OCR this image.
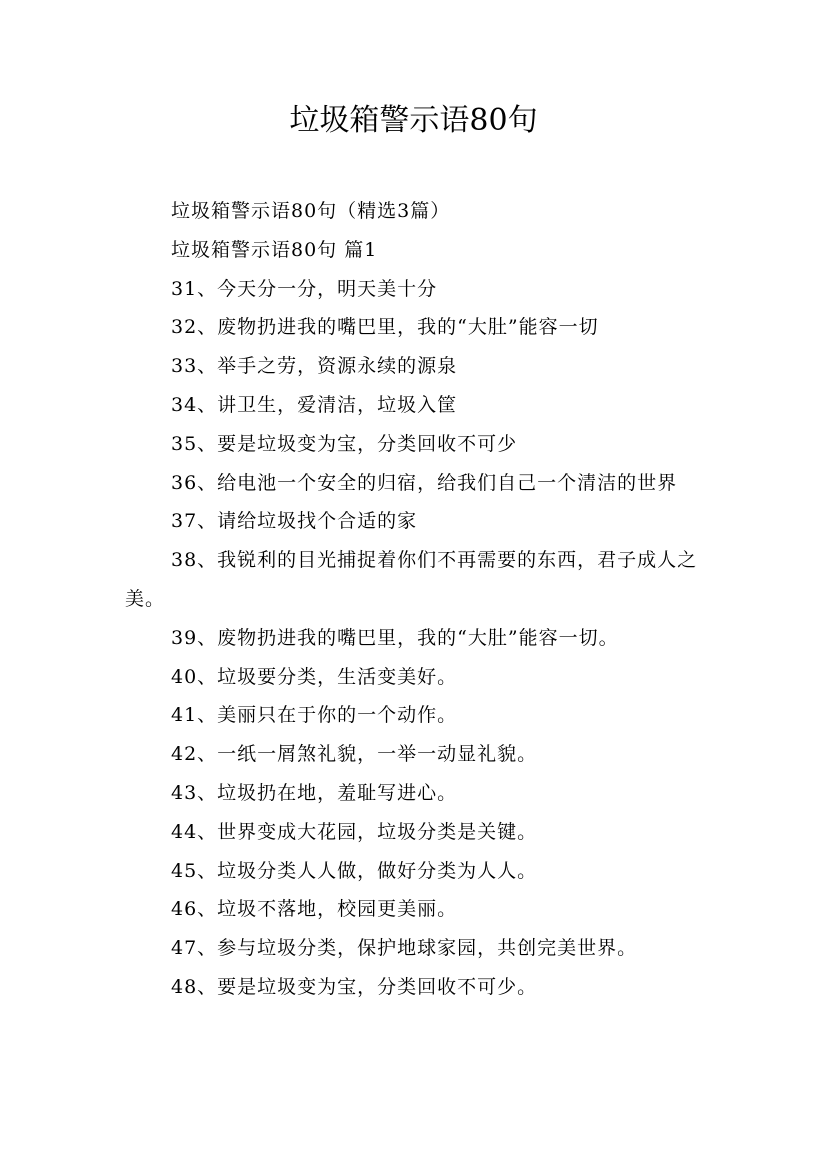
垃圾箱警示语80句

垃圾箱警示语80句（精选3篇）

垃圾箱警示语80句 篇1

31、今天分一分，明天美十分

32、废物扔进我的嘴巴里，我的“大肚”能容一切

33、举手之劳，资源永续的源泉

34、讲卫生，爱清洁，垃圾入筐

35、要是垃圾变为宝，分类回收不可少

36、给电池一个安全的归宿，给我们自己一个清洁的世界

37、请给垃圾找个合适的家

38、我锐利的目光捕捉着你们不再需要的东西，君子成人之美。

39、废物扔进我的嘴巴里，我的“大肚”能容一切。

40、垃圾要分类，生活变美好。

41、美丽只在于你的一个动作。

42、一纸一屑煞礼貌，一举一动显礼貌。

43、垃圾扔在地，羞耻写进心。

44、世界变成大花园，垃圾分类是关键。

45、垃圾分类人人做，做好分类为人人。

46、垃圾不落地，校园更美丽。

47、参与垃圾分类，保护地球家园，共创完美世界。

48、要是垃圾变为宝，分类回收不可少。
